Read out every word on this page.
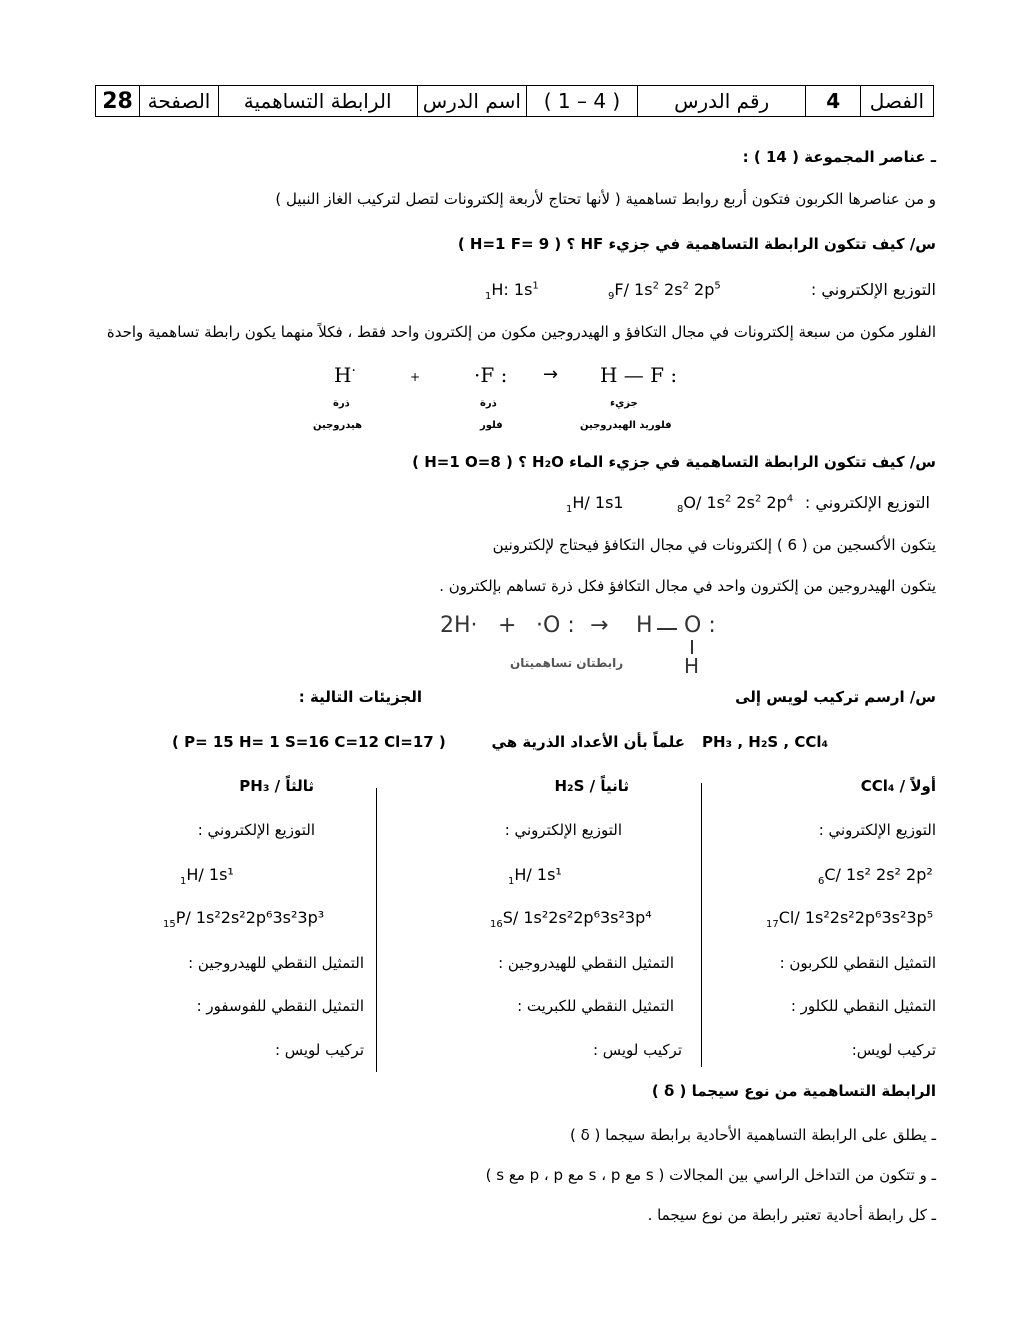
28 الصفحة	الرابطة التساهمية	اسم الدرس	( 1 – 4 )	رقم الدرس	4	الفصل
ـ عناصر المجموعة ( 14 ) :
و من عناصرها الكربون فتكون أربع روابط تساهمية ( لأنها تحتاج لأربعة إلكترونات لتصل لتركيب الغاز النبيل )
س/ كيف تتكون الرابطة التساهمية في جزيء HF ؟ ( H=1 F= 9 )
التوزيع الإلكتروني :
$_9$F/ $1s^2$ $2s^2$ $2p^5$
$_1$H: $1s^1$
الفلور مكون من سبعة إلكترونات في مجال التكافؤ و الهيدروجين مكون من إلكترون واحد فقط ، فكلاً منهما يكون رابطة تساهمية واحدة
H·	+	·F : → H — F :
ذرة
هيدروجين
ذرة
فلور
جزيء
فلوريد الهيدروجين
س/ كيف تتكون الرابطة التساهمية في جزيء الماء H₂O ؟ ( H=1 O=8 )
التوزيع الإلكتروني :
$_8$O/ $1s^2$ $2s^2$ $2p^4$
$_1$H/ 1s1
يتكون الأكسجين من ( 6 ) إلكترونات في مجال التكافؤ فيحتاج لإلكترونين
يتكون الهيدروجين من إلكترون واحد في مجال التكافؤ فكل ذرة تساهم بإلكترون .
2H· + ·O : → H O :
H
رابطتان تساهميتان
س/ ارسم تركيب لويس إلى
الجزيئات التالية :
( P= 15 H= 1 S=16 C=12 Cl=17 )	علماً بأن الأعداد الذرية هي PH₃ , H₂S , CCl₄
أولاً / CCl₄
التوزيع الإلكتروني :
$_6$C/ 1s² 2s² 2p²
$_{17}$Cl/ 1s²2s²2p⁶3s²3p⁵
التمثيل النقطي للكربون :
التمثيل النقطي للكلور :
تركيب لويس:
ثانياً / H₂S
التوزيع الإلكتروني :
$_1$H/ 1s¹
$_{16}$S/ 1s²2s²2p⁶3s²3p⁴
التمثيل النقطي للهيدروجين :
التمثيل النقطي للكبريت :
تركيب لويس :
ثالثاً / PH₃
التوزيع الإلكتروني :
$_1$H/ 1s¹
$_{15}$P/ 1s²2s²2p⁶3s²3p³
التمثيل النقطي للهيدروجين :
التمثيل النقطي للفوسفور :
تركيب لويس :
الرابطة التساهمية من نوع سيجما ( δ )
ـ يطلق على الرابطة التساهمية الأحادية برابطة سيجما ( δ )
ـ و تتكون من التداخل الراسي بين المجالات ( s مع s ، p مع p ، p مع s )
ـ كل رابطة أحادية تعتبر رابطة من نوع سيجما .
